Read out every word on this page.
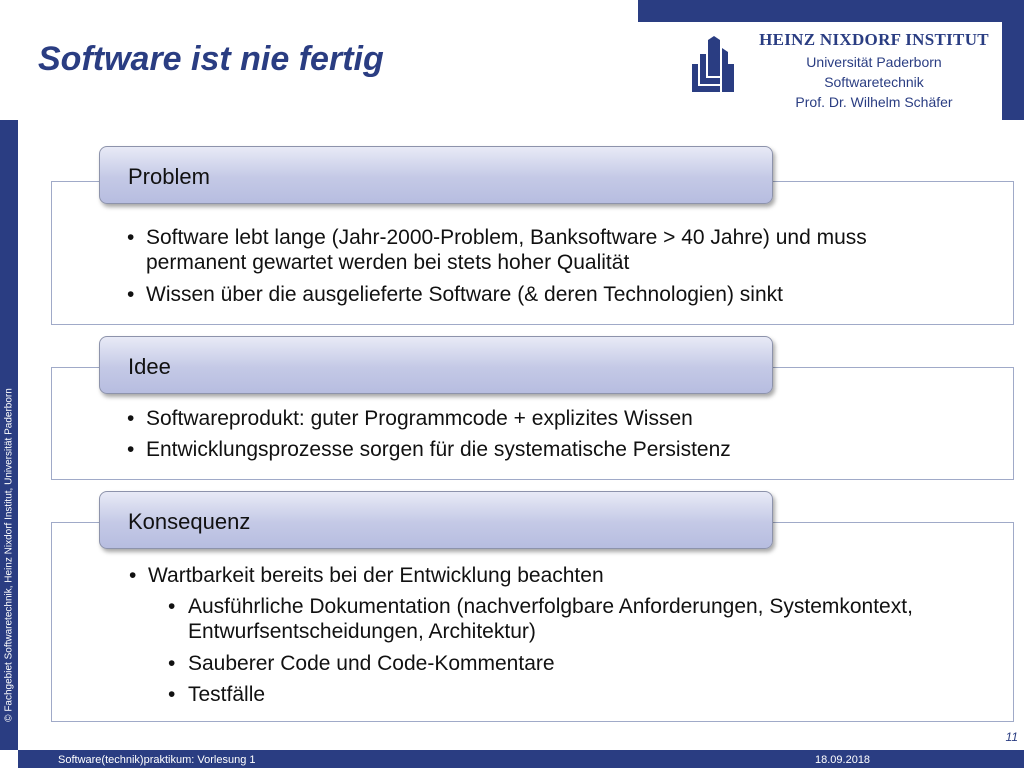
Software ist nie fertig
HEINZ NIXDORF INSTITUT
Universität Paderborn
Softwaretechnik
Prof. Dr. Wilhelm Schäfer
© Fachgebiet Softwaretechnik, Heinz Nixdorf Institut, Universität Paderborn
Problem
• Software lebt lange (Jahr-2000-Problem, Banksoftware > 40 Jahre) und muss permanent gewartet werden bei stets hoher Qualität
• Wissen über die ausgelieferte Software (& deren Technologien) sinkt
Idee
• Softwareprodukt: guter Programmcode + explizites Wissen
• Entwicklungsprozesse sorgen für die systematische Persistenz
Konsequenz
• Wartbarkeit bereits bei der Entwicklung beachten
• Ausführliche Dokumentation (nachverfolgbare Anforderungen, Systemkontext, Entwurfsentscheidungen, Architektur)
• Sauberer Code und Code-Kommentare
• Testfälle
11
Software(technik)praktikum: Vorlesung 1	18.09.2018
